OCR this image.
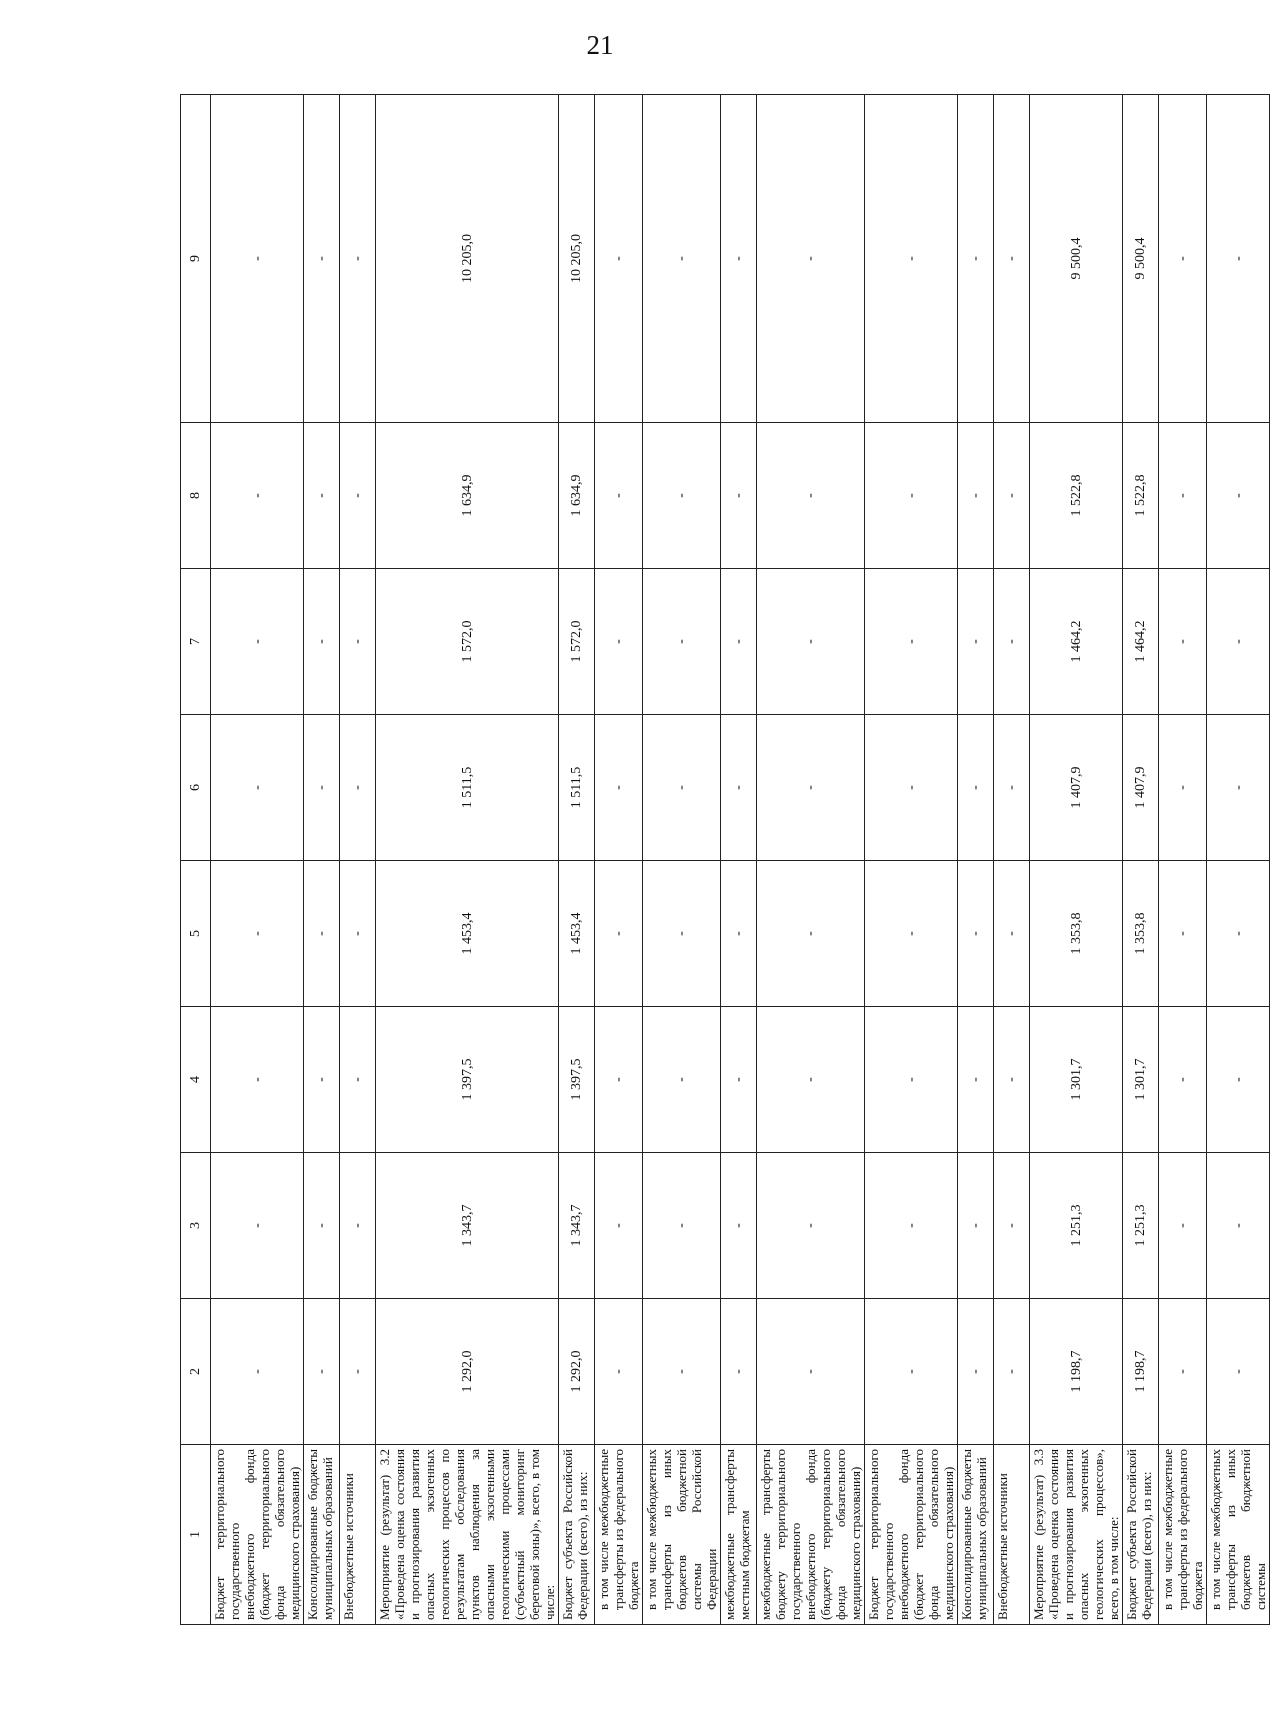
21
1	2	3	4	5	6	7	8	9
Бюджет территориального государственного внебюджетного фонда (бюджет территориального фонда обязательного медицинского страхования)	-	-	-	-	-	-	-	-
Консолидированные бюджеты муниципальных образований	-	-	-	-	-	-	-	-
Внебюджетные источники	-	-	-	-	-	-	-	-
Мероприятие (результат) 3.2 «Проведена оценка состояния и прогнозирования развития опасных экзогенных геологических процессов по результатам обследования пунктов наблюдения за опасными экзогенными геологическими процессами (субъектный мониторинг береговой зоны)», всего, в том числе:	1 292,0	1 343,7	1 397,5	1 453,4	1 511,5	1 572,0	1 634,9	10 205,0
Бюджет субъекта Российской Федерации (всего), из них:	1 292,0	1 343,7	1 397,5	1 453,4	1 511,5	1 572,0	1 634,9	10 205,0
в том числе межбюджетные трансферты из федерального бюджета	-	-	-	-	-	-	-	-
в том числе межбюджетных трансферты из иных бюджетов бюджетной системы Российской Федерации	-	-	-	-	-	-	-	-
межбюджетные трансферты местным бюджетам	-	-	-	-	-	-	-	-
межбюджетные трансферты бюджету территориального государственного внебюджетного фонда (бюджету территориального фонда обязательного медицинского страхования)	-	-	-	-	-	-	-	-
Бюджет территориального государственного внебюджетного фонда (бюджет территориального фонда обязательного медицинского страхования)	-	-	-	-	-	-	-	-
Консолидированные бюджеты муниципальных образований	-	-	-	-	-	-	-	-
Внебюджетные источники	-	-	-	-	-	-	-	-
Мероприятие (результат) 3.3 «Проведена оценка состояния и прогнозирования развития опасных экзогенных геологических процессов», всего, в том числе:	1 198,7	1 251,3	1 301,7	1 353,8	1 407,9	1 464,2	1 522,8	9 500,4
Бюджет субъекта Российской Федерации (всего), из них:	1 198,7	1 251,3	1 301,7	1 353,8	1 407,9	1 464,2	1 522,8	9 500,4
в том числе межбюджетные трансферты из федерального бюджета	-	-	-	-	-	-	-	-
в том числе межбюджетных трансферты из иных бюджетов бюджетной системы	-	-	-	-	-	-	-	-
